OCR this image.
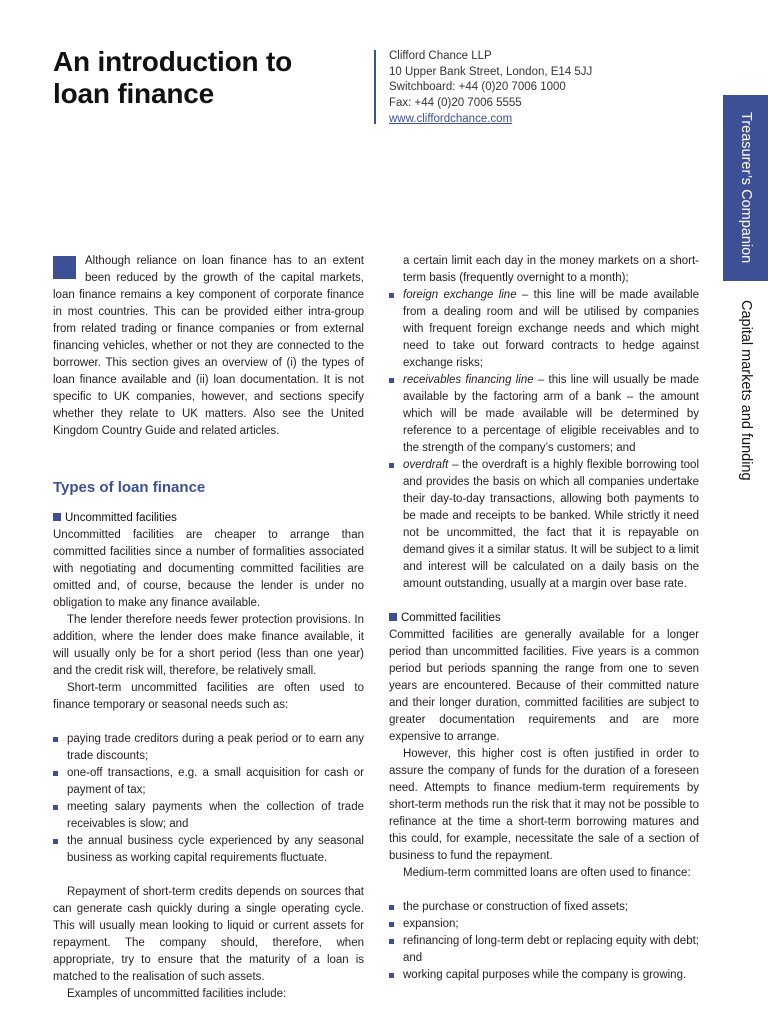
An introduction to
loan finance
Clifford Chance LLP
10 Upper Bank Street, London, E14 5JJ
Switchboard: +44 (0)20 7006 1000
Fax: +44 (0)20 7006 5555
www.cliffordchance.com	Treasurer’s Companion
Capital markets and funding

Although reliance on loan finance has to an extent been reduced by the growth of the capital markets, loan finance remains a key component of corporate finance in most countries. This can be provided either intra-group from related trading or finance companies or from external financing vehicles, whether or not they are connected to the borrower. This section gives an overview of (i) the types of loan finance available and (ii) loan documentation. It is not specific to UK companies, however, and sections specify whether they relate to UK matters. Also see the United Kingdom Country Guide and related articles.

Types of loan finance

Uncommitted facilities

Uncommitted facilities are cheaper to arrange than committed facilities since a number of formalities associated with negotiating and documenting committed facilities are omitted and, of course, because the lender is under no obligation to make any finance available.

The lender therefore needs fewer protection provisions. In addition, where the lender does make finance available, it will usually only be for a short period (less than one year) and the credit risk will, therefore, be relatively small.

Short-term uncommitted facilities are often used to finance temporary or seasonal needs such as:

paying trade creditors during a peak period or to earn any trade discounts;
one-off transactions, e.g. a small acquisition for cash or payment of tax;
meeting salary payments when the collection of trade receivables is slow; and
the annual business cycle experienced by any seasonal business as working capital requirements fluctuate.

Repayment of short-term credits depends on sources that can generate cash quickly during a single operating cycle. This will usually mean looking to liquid or current assets for repayment. The company should, therefore, when appropriate, try to ensure that the maturity of a loan is matched to the realisation of such assets.

Examples of uncommitted facilities include:

a certain limit each day in the money markets on a short-term basis (frequently overnight to a month);

foreign exchange line – this line will be made available from a dealing room and will be utilised by companies with frequent foreign exchange needs and which might need to take out forward contracts to hedge against exchange risks;
receivables financing line – this line will usually be made available by the factoring arm of a bank – the amount which will be made available will be determined by reference to a percentage of eligible receivables and to the strength of the company’s customers; and
overdraft – the overdraft is a highly flexible borrowing tool and provides the basis on which all companies undertake their day-to-day transactions, allowing both payments to be made and receipts to be banked. While strictly it need not be uncommitted, the fact that it is repayable on demand gives it a similar status. It will be subject to a limit and interest will be calculated on a daily basis on the amount outstanding, usually at a margin over base rate.

Committed facilities

Committed facilities are generally available for a longer period than uncommitted facilities. Five years is a common period but periods spanning the range from one to seven years are encountered. Because of their committed nature and their longer duration, committed facilities are subject to greater documentation requirements and are more expensive to arrange.

However, this higher cost is often justified in order to assure the company of funds for the duration of a foreseen need. Attempts to finance medium-term requirements by short-term methods run the risk that it may not be possible to refinance at the time a short-term borrowing matures and this could, for example, necessitate the sale of a section of business to fund the repayment.

Medium-term committed loans are often used to finance:

the purchase or construction of fixed assets;
expansion;
refinancing of long-term debt or replacing equity with debt; and
working capital purposes while the company is growing.
